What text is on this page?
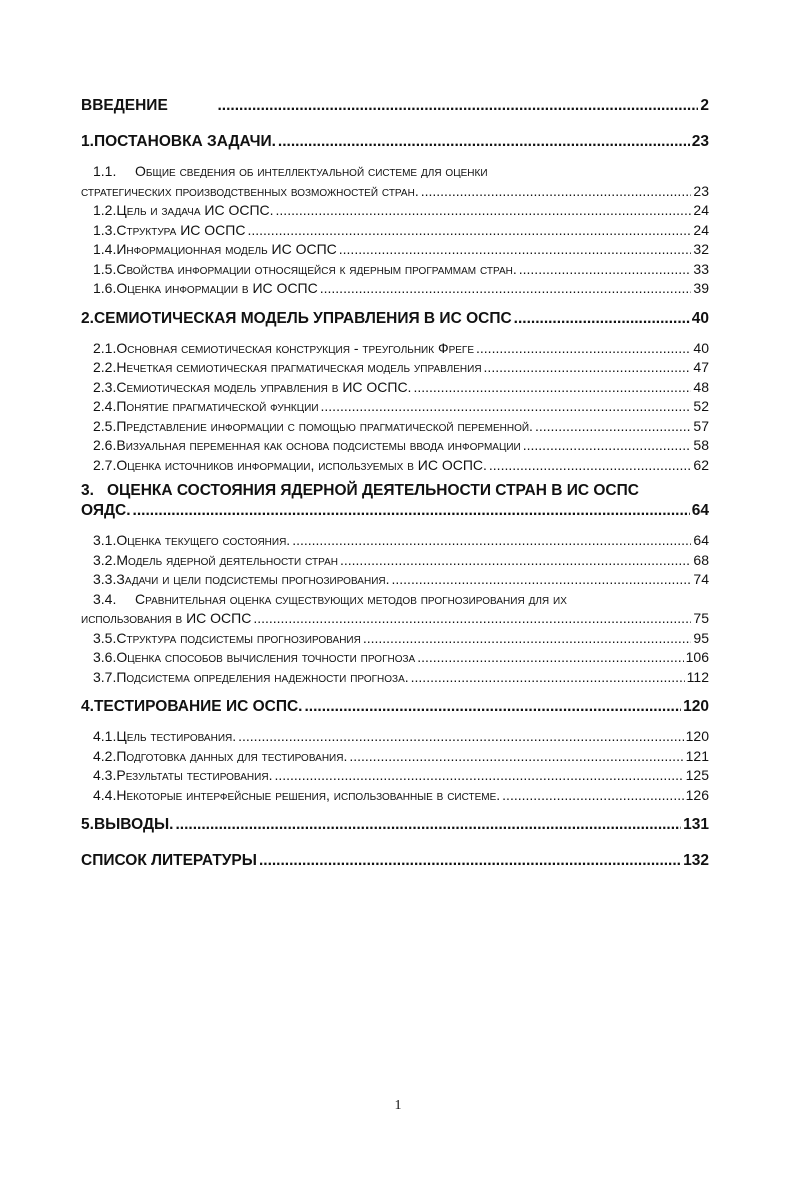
ВВЕДЕНИЕ .....	2
1. ПОСТАНОВКА ЗАДАЧИ. .....	23
1.1. Общие сведения об интеллектуальной системе для оценки
стратегических производственных возможностей стран. .....	23
1.2. Цель и задача ИС ОСПС. .....	24
1.3. Структура ИС ОСПС .....	24
1.4. Информационная модель ИС ОСПС .....	32
1.5. Свойства информации относящейся к ядерным программам стран. .....	33
1.6. Оценка информации в ИС ОСПС .....	39
2. СЕМИОТИЧЕСКАЯ МОДЕЛЬ УПРАВЛЕНИЯ В ИС ОСПС .....	40
2.1. Основная семиотическая конструкция - треугольник Фреге .....	40
2.2. Нечеткая семиотическая прагматическая модель управления .....	47
2.3. Семиотическая модель управления в ИС ОСПС. .....	48
2.4. Понятие прагматической функции .....	52
2.5. Представление информации с помощью прагматической переменной. .....	57
2.6. Визуальная переменная как основа подсистемы ввода информации .....	58
2.7. Оценка источников информации, используемых в ИС ОСПС. .....	62
3. ОЦЕНКА СОСТОЯНИЯ ЯДЕРНОЙ ДЕЯТЕЛЬНОСТИ СТРАН В ИС ОСПС
ОЯДС. .....	64
3.1. Оценка текущего состояния. .....	64
3.2. Модель ядерной деятельности стран .....	68
3.3. Задачи и цели подсистемы прогнозирования. .....	74
3.4. Сравнительная оценка существующих методов прогнозирования для их
использования в ИС ОСПС .....	75
3.5. Структура подсистемы прогнозирования .....	95
3.6. Оценка способов вычисления точности прогноза .....	106
3.7. Подсистема определения надежности прогноза. .....	112
4. ТЕСТИРОВАНИЕ ИС ОСПС. .....	120
4.1. Цель тестирования. .....	120
4.2. Подготовка данных для тестирования. .....	121
4.3. Результаты тестирования. .....	125
4.4. Некоторые интерфейсные решения, использованные в системе. .....	126
5. ВЫВОДЫ. .....	131
СПИСОК ЛИТЕРАТУРЫ .....	132
1
